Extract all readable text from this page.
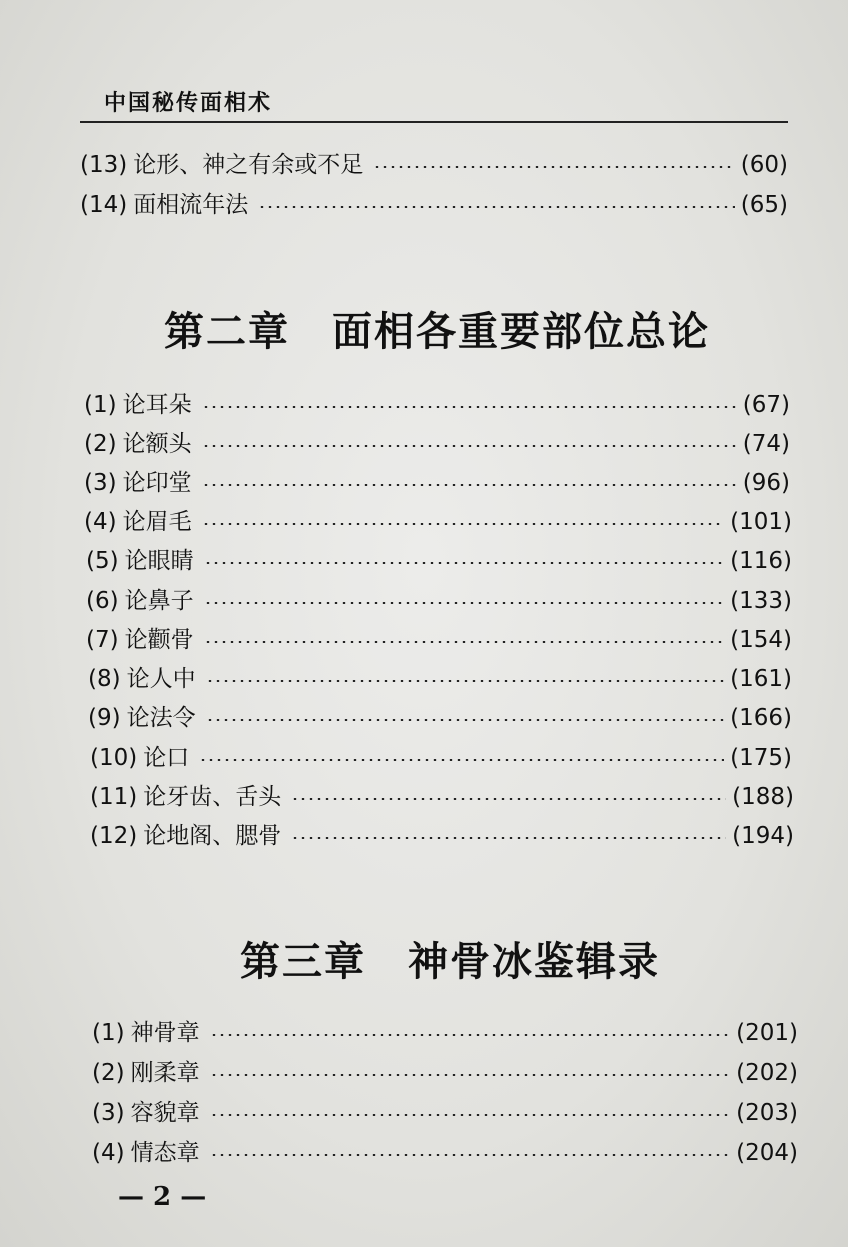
中国秘传面相术
(13) 论形、神之有余或不足	(60)
(14) 面相流年法	(65)
第二章　面相各重要部位总论
(1) 论耳朵	(67)
(2) 论额头	(74)
(3) 论印堂	(96)
(4) 论眉毛	(101)
(5) 论眼睛	(116)
(6) 论鼻子	(133)
(7) 论颧骨	(154)
(8) 论人中	(161)
(9) 论法令	(166)
(10) 论口	(175)
(11) 论牙齿、舌头	(188)
(12) 论地阁、腮骨	(194)
第三章　神骨冰鉴辑录
(1) 神骨章	(201)
(2) 刚柔章	(202)
(3) 容貌章	(203)
(4) 情态章	(204)
— 2 —
